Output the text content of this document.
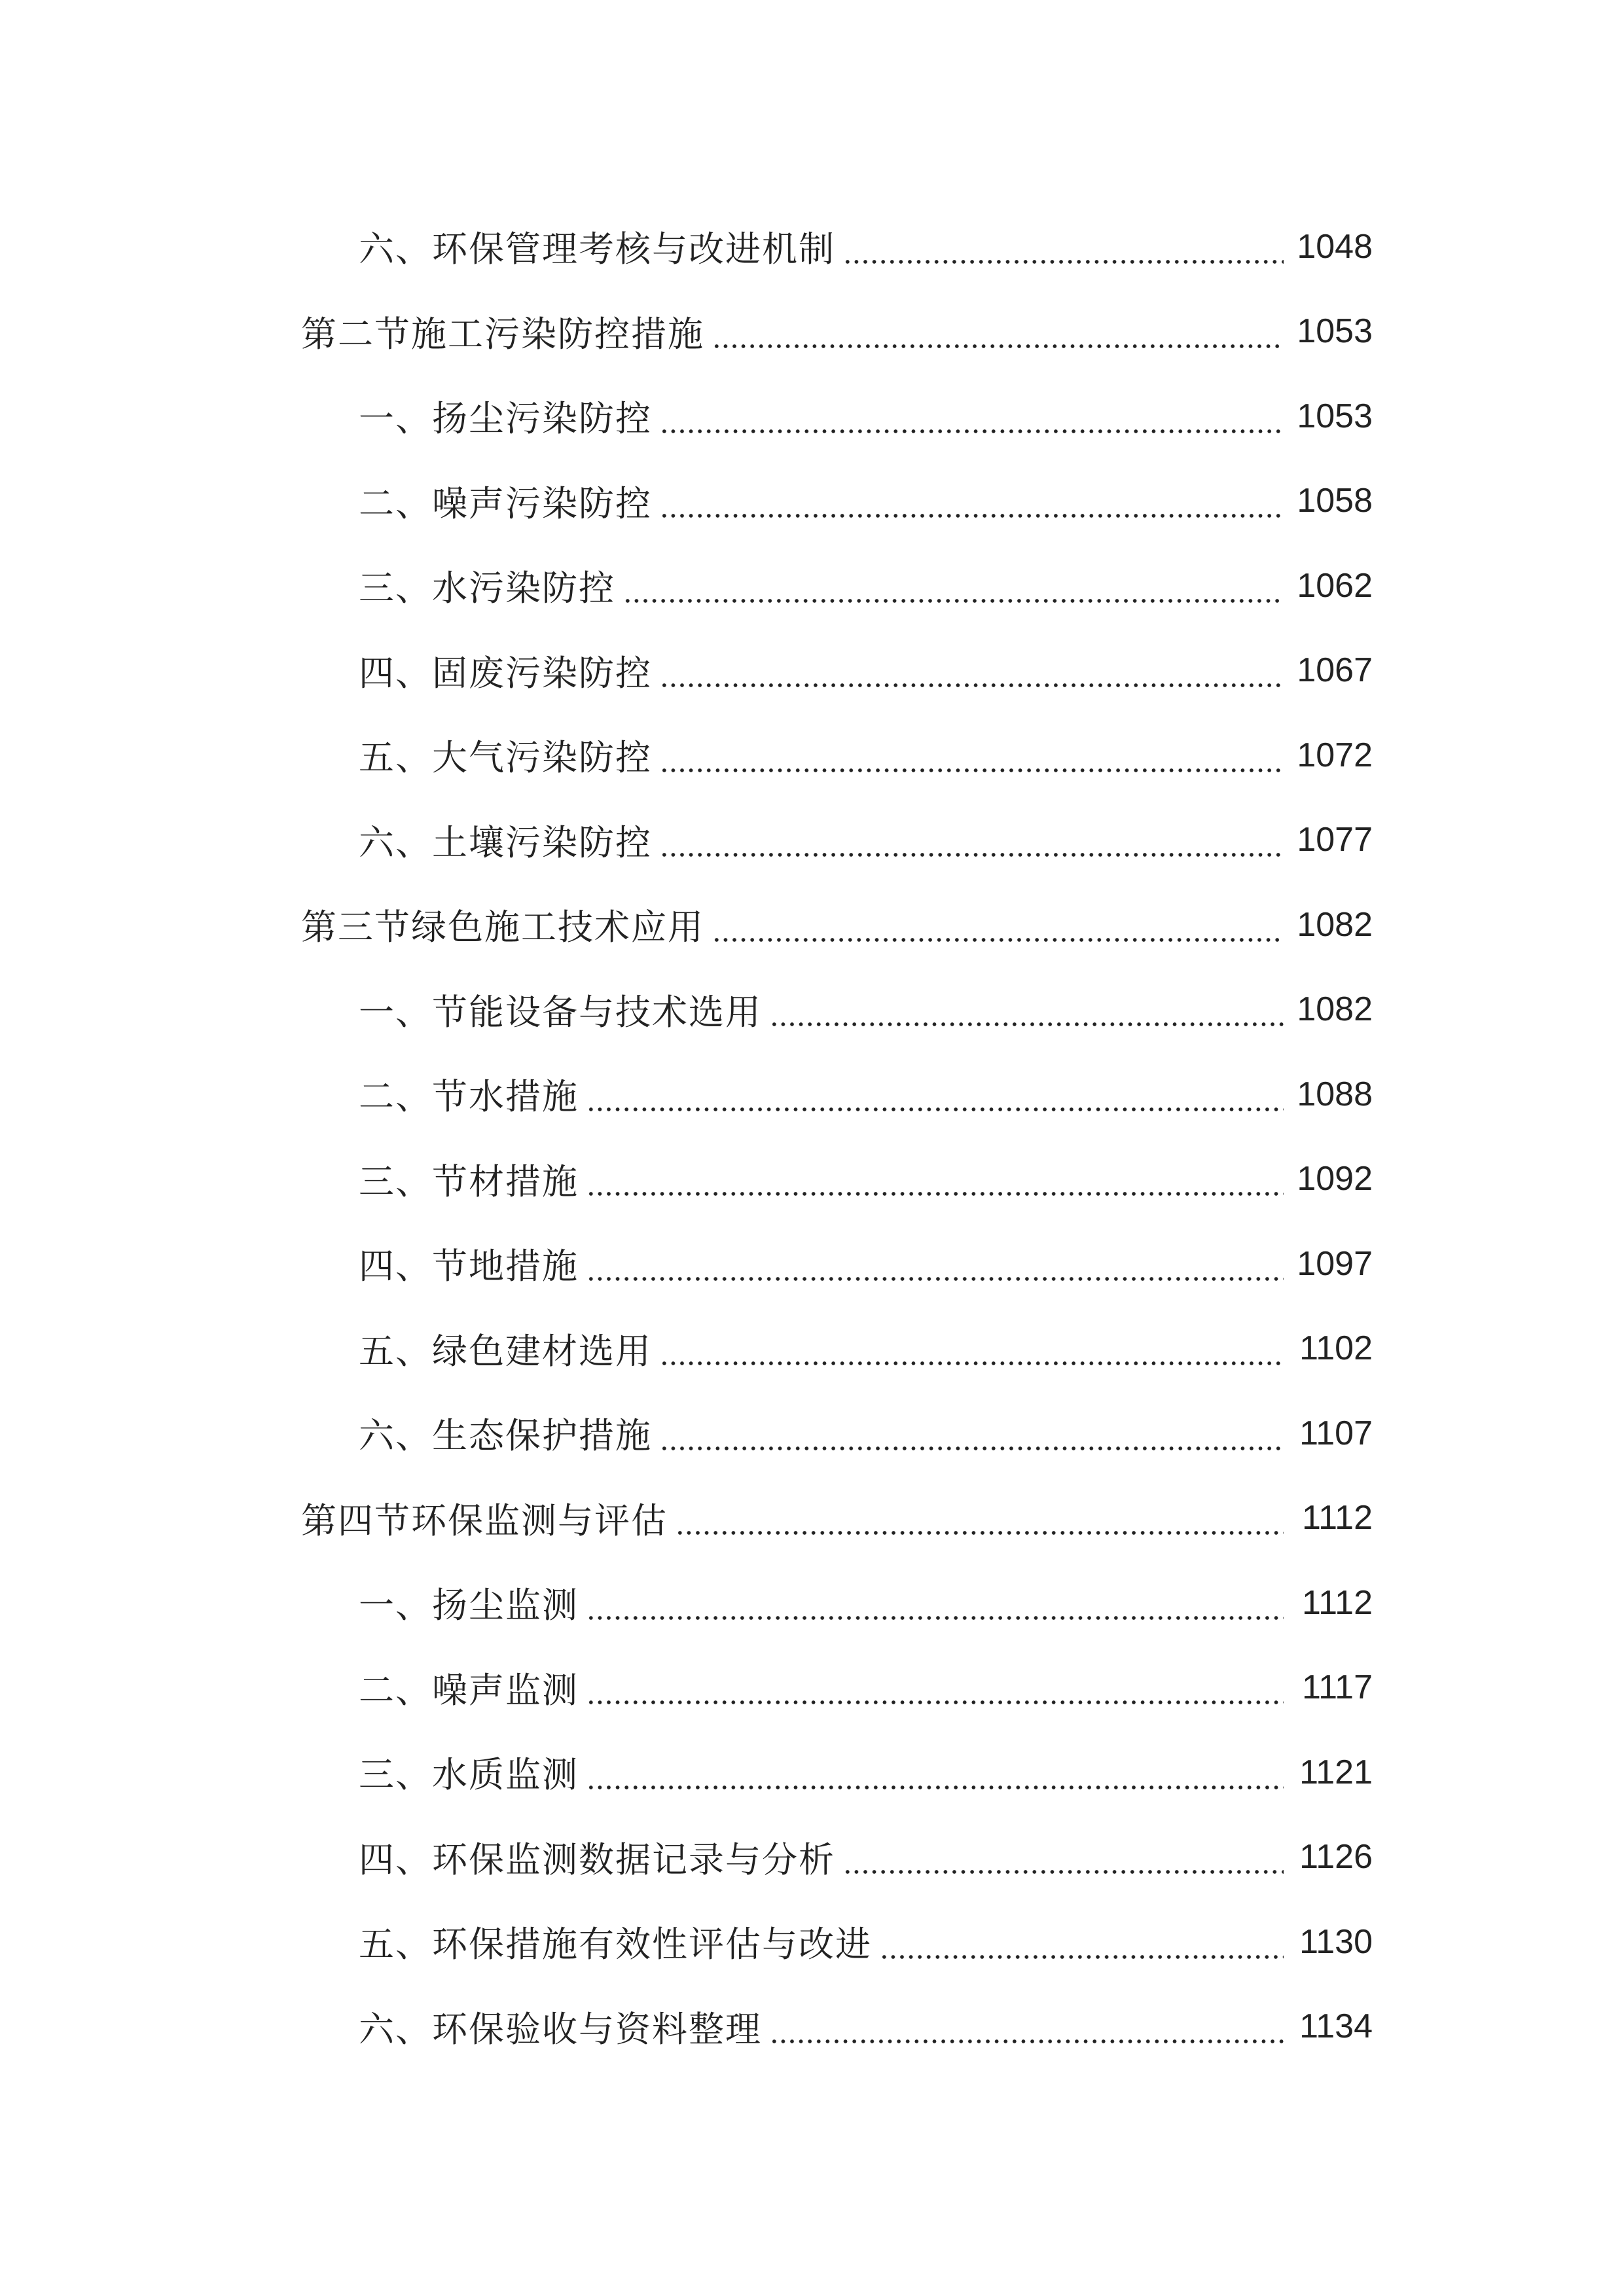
六、环保管理考核与改进机制	1048
第二节施工污染防控措施	1053
一、扬尘污染防控	1053
二、噪声污染防控	1058
三、水污染防控	1062
四、固废污染防控	1067
五、大气污染防控	1072
六、土壤污染防控	1077
第三节绿色施工技术应用	1082
一、节能设备与技术选用	1082
二、节水措施	1088
三、节材措施	1092
四、节地措施	1097
五、绿色建材选用	1102
六、生态保护措施	1107
第四节环保监测与评估	1112
一、扬尘监测	1112
二、噪声监测	1117
三、水质监测	1121
四、环保监测数据记录与分析	1126
五、环保措施有效性评估与改进	1130
六、环保验收与资料整理	1134
